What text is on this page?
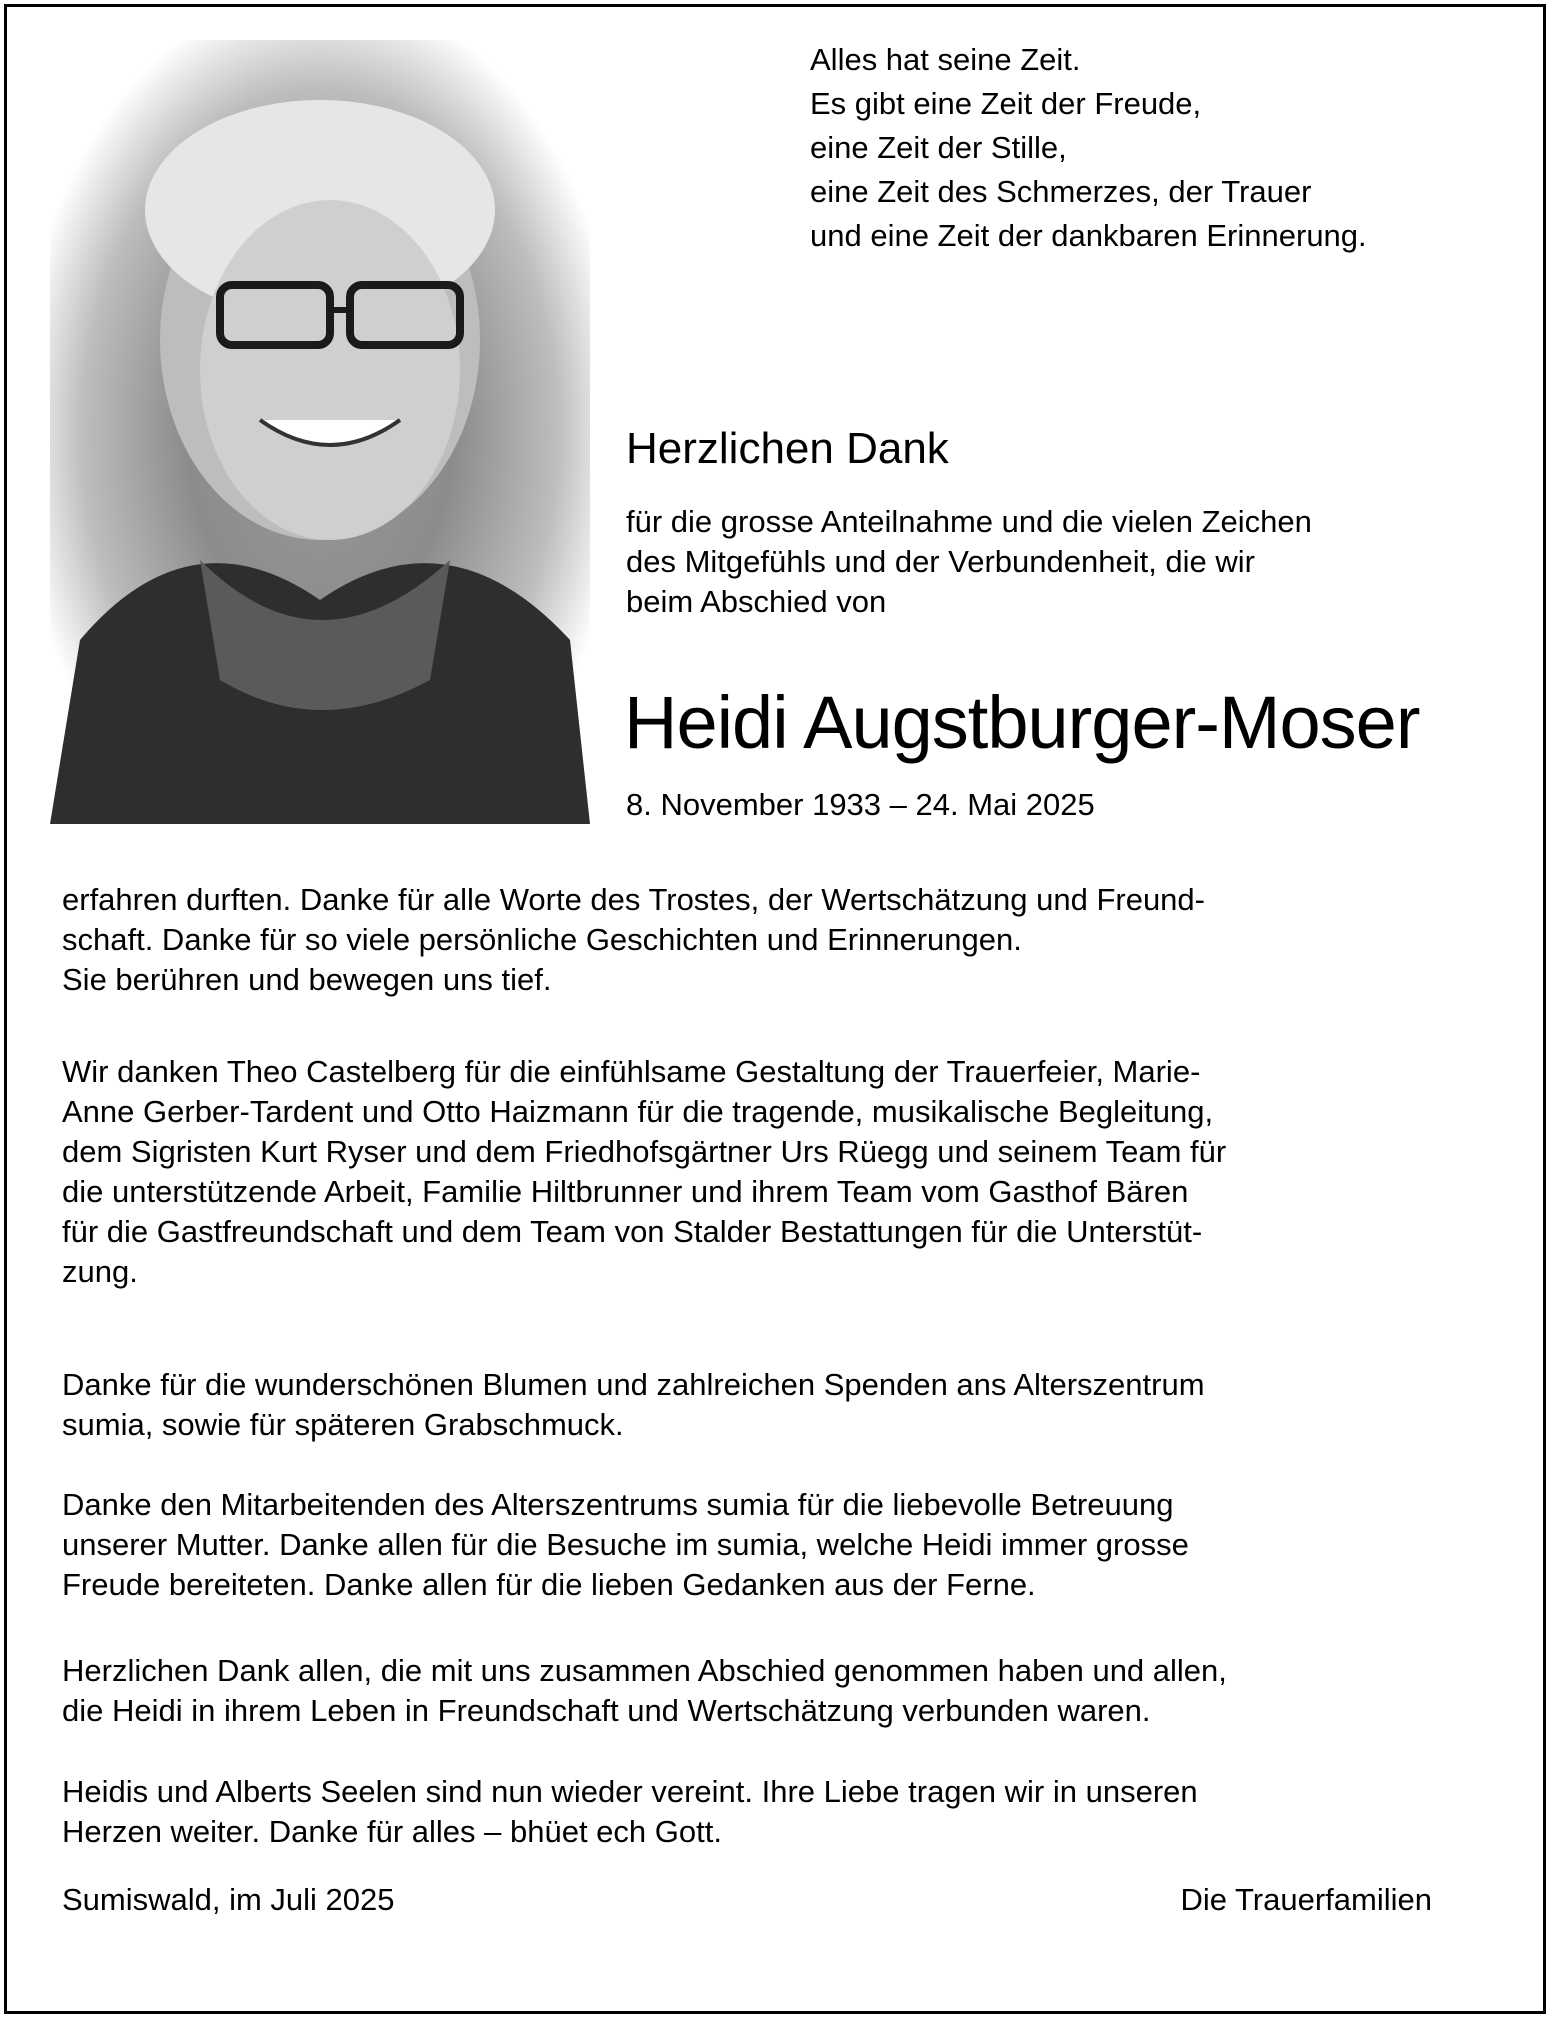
Alles hat seine Zeit.
Es gibt eine Zeit der Freude,
eine Zeit der Stille,
eine Zeit des Schmerzes, der Trauer
und eine Zeit der dankbaren Erinnerung.
Herzlichen Dank
für die grosse Anteilnahme und die vielen Zeichen
des Mitgefühls und der Verbundenheit, die wir
beim Abschied von
Heidi Augstburger-Moser
8. November 1933 – 24. Mai 2025
erfahren durften. Danke für alle Worte des Trostes, der Wertschätzung und Freund-
schaft. Danke für so viele persönliche Geschichten und Erinnerungen.
Sie berühren und bewegen uns tief.
Wir danken Theo Castelberg für die einfühlsame Gestaltung der Trauerfeier, Marie-
Anne Gerber-Tardent und Otto Haizmann für die tragende, musikalische Begleitung,
dem Sigristen Kurt Ryser und dem Friedhofsgärtner Urs Rüegg und seinem Team für
die unterstützende Arbeit, Familie Hiltbrunner und ihrem Team vom Gasthof Bären
für die Gastfreundschaft und dem Team von Stalder Bestattungen für die Unterstüt-
zung.
Danke für die wunderschönen Blumen und zahlreichen Spenden ans Alterszentrum
sumia, sowie für späteren Grabschmuck.
Danke den Mitarbeitenden des Alterszentrums sumia für die liebevolle Betreuung
unserer Mutter. Danke allen für die Besuche im sumia, welche Heidi immer grosse
Freude bereiteten. Danke allen für die lieben Gedanken aus der Ferne.
Herzlichen Dank allen, die mit uns zusammen Abschied genommen haben und allen,
die Heidi in ihrem Leben in Freundschaft und Wertschätzung verbunden waren.
Heidis und Alberts Seelen sind nun wieder vereint. Ihre Liebe tragen wir in unseren
Herzen weiter. Danke für alles – bhüet ech Gott.
Sumiswald, im Juli 2025	Die Trauerfamilien
